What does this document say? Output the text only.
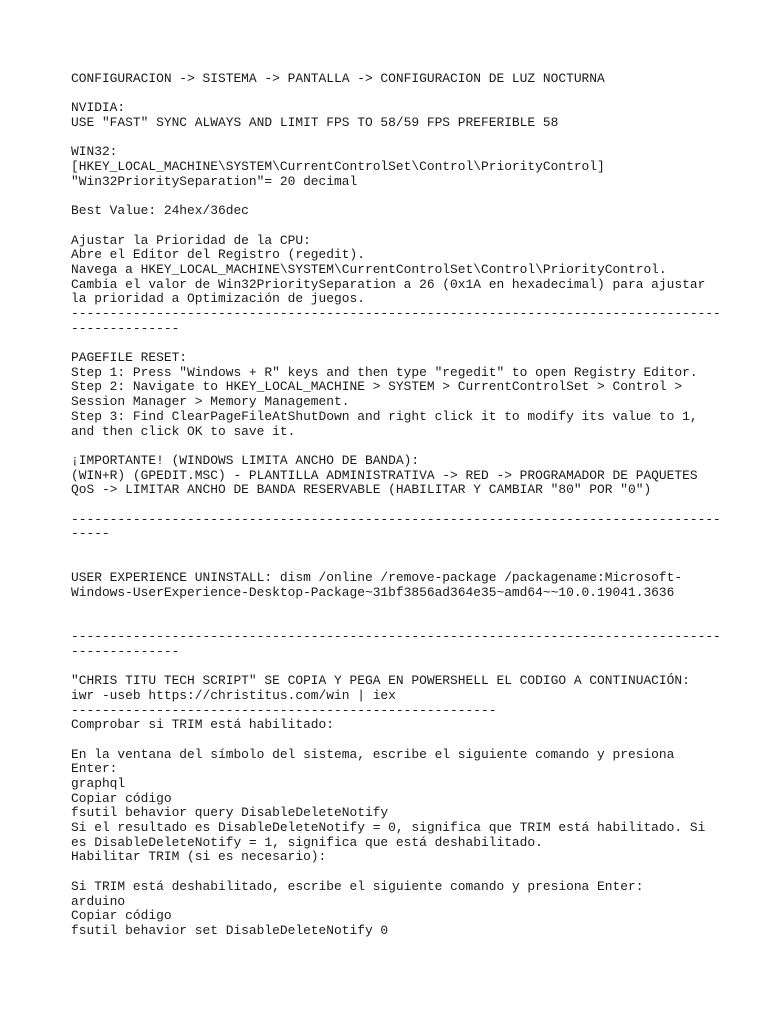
CONFIGURACION -> SISTEMA -> PANTALLA -> CONFIGURACION DE LUZ NOCTURNA
NVIDIA:
USE "FAST" SYNC ALWAYS AND LIMIT FPS TO 58/59 FPS PREFERIBLE 58
WIN32:
[HKEY_LOCAL_MACHINE\SYSTEM\CurrentControlSet\Control\PriorityControl]
"Win32PrioritySeparation"= 20 decimal
Best Value: 24hex/36dec
Ajustar la Prioridad de la CPU:
Abre el Editor del Registro (regedit).
Navega a HKEY_LOCAL_MACHINE\SYSTEM\CurrentControlSet\Control\PriorityControl.
Cambia el valor de Win32PrioritySeparation a 26 (0x1A en hexadecimal) para ajustar
la prioridad a Optimización de juegos.
------------------------------------------------------------------------------------
--------------
PAGEFILE RESET:
Step 1: Press "Windows + R" keys and then type "regedit" to open Registry Editor.
Step 2: Navigate to HKEY_LOCAL_MACHINE > SYSTEM > CurrentControlSet > Control >
Session Manager > Memory Management.
Step 3: Find ClearPageFileAtShutDown and right click it to modify its value to 1,
and then click OK to save it.
¡IMPORTANTE! (WINDOWS LIMITA ANCHO DE BANDA):
(WIN+R) (GPEDIT.MSC) - PLANTILLA ADMINISTRATIVA -> RED -> PROGRAMADOR DE PAQUETES
QoS -> LIMITAR ANCHO DE BANDA RESERVABLE (HABILITAR Y CAMBIAR "80" POR "0")
------------------------------------------------------------------------------------
-----
USER EXPERIENCE UNINSTALL: dism /online /remove-package /packagename:Microsoft-
Windows-UserExperience-Desktop-Package~31bf3856ad364e35~amd64~~10.0.19041.3636
------------------------------------------------------------------------------------
--------------
"CHRIS TITU TECH SCRIPT" SE COPIA Y PEGA EN POWERSHELL EL CODIGO A CONTINUACIÓN:
iwr -useb https://christitus.com/win | iex
-------------------------------------------------------
Comprobar si TRIM está habilitado:
En la ventana del símbolo del sistema, escribe el siguiente comando y presiona
Enter:
graphql
Copiar código
fsutil behavior query DisableDeleteNotify
Si el resultado es DisableDeleteNotify = 0, significa que TRIM está habilitado. Si
es DisableDeleteNotify = 1, significa que está deshabilitado.
Habilitar TRIM (si es necesario):
Si TRIM está deshabilitado, escribe el siguiente comando y presiona Enter:
arduino
Copiar código
fsutil behavior set DisableDeleteNotify 0
